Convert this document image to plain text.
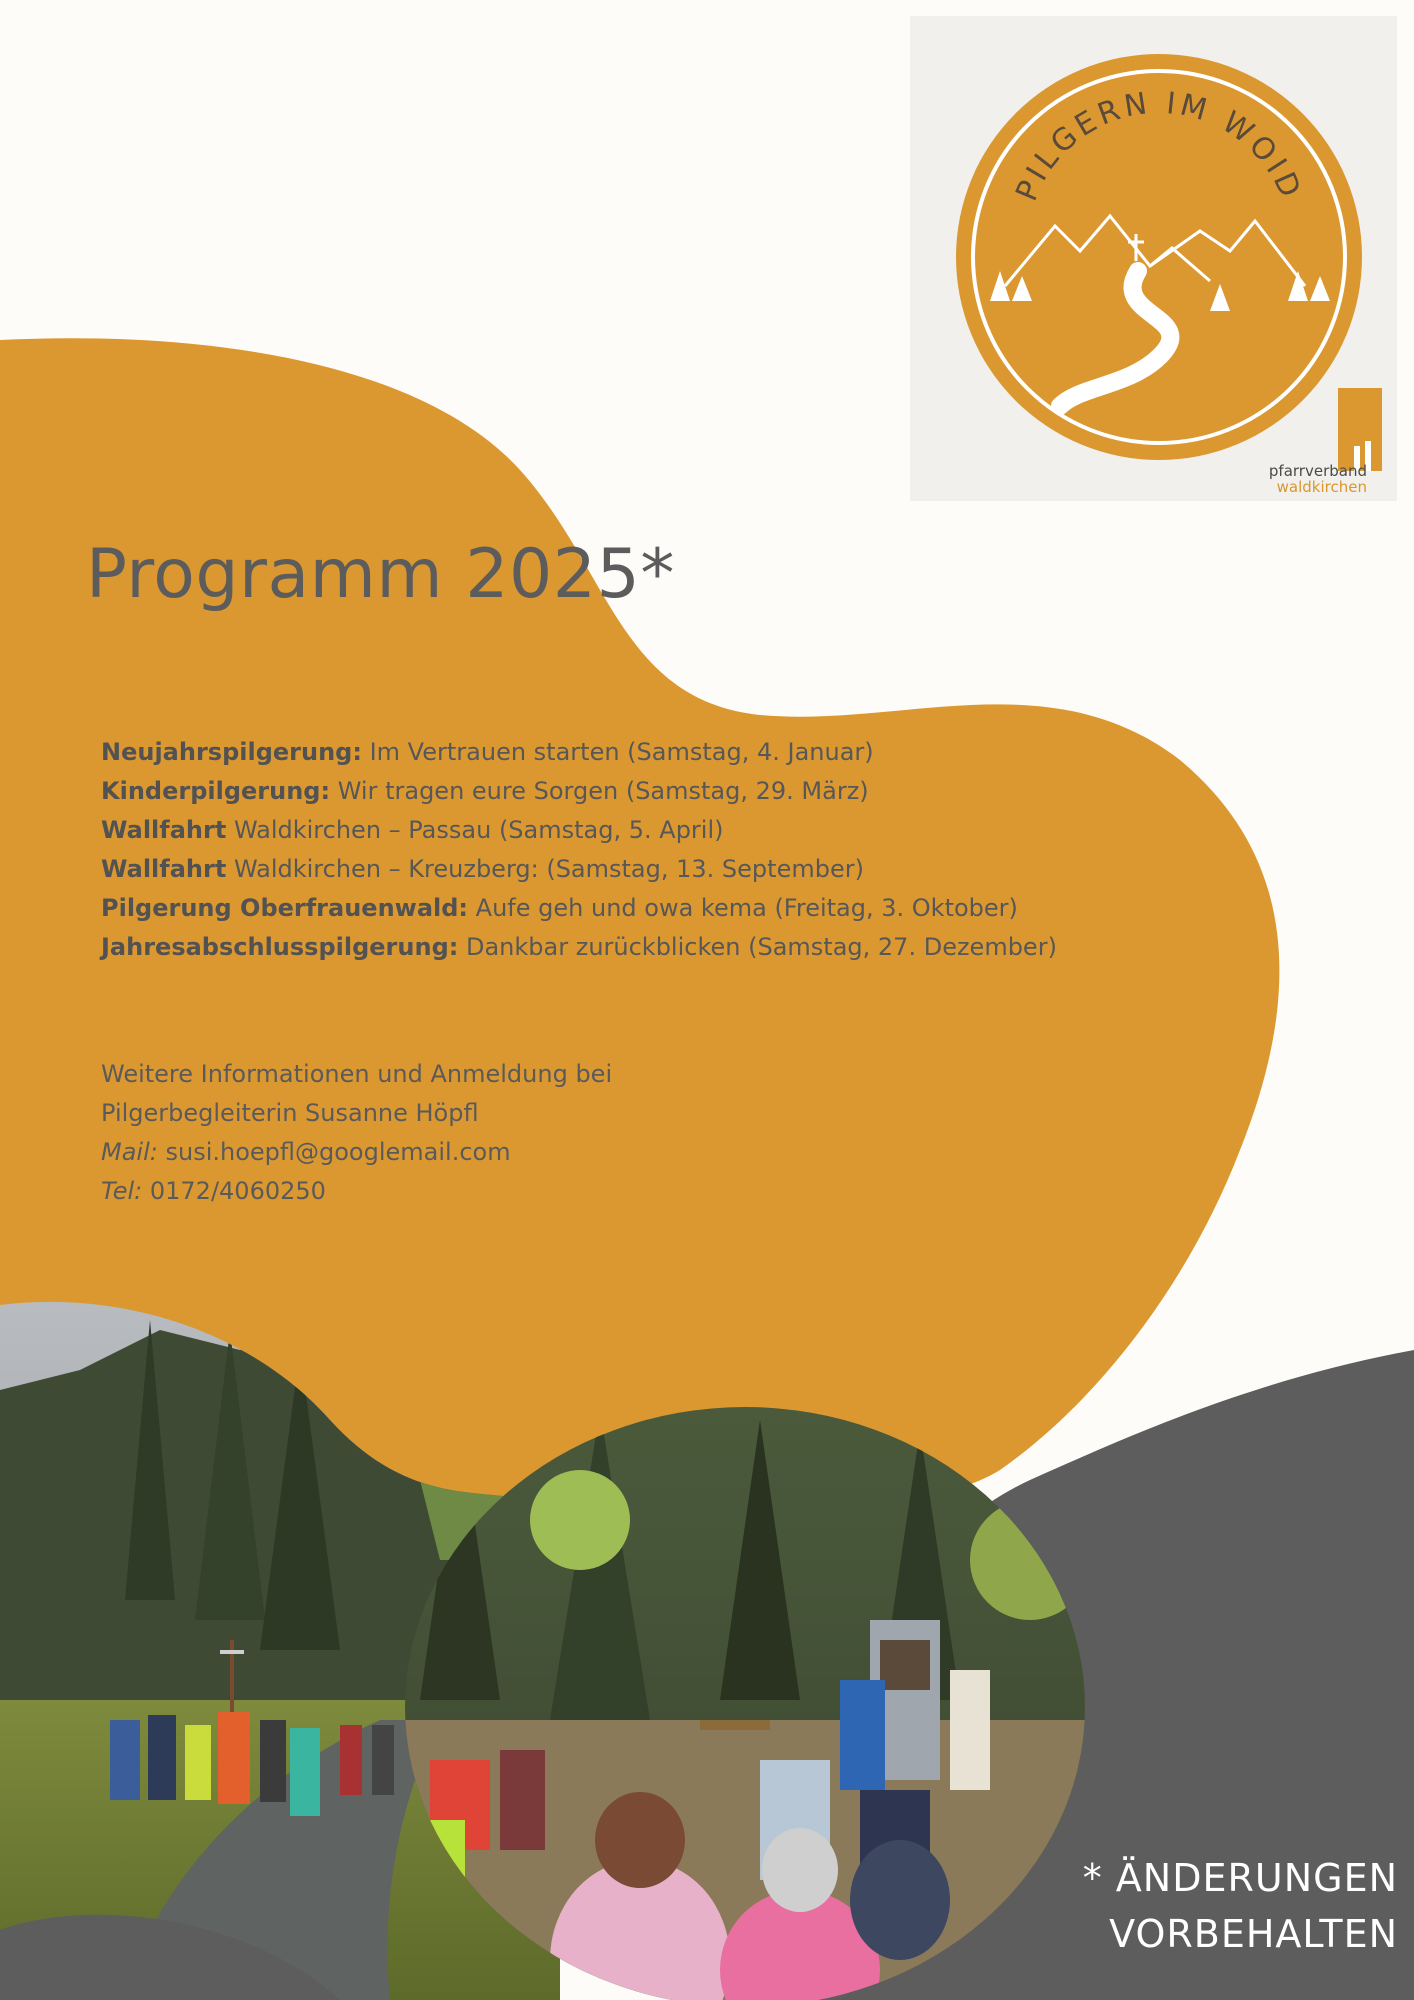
PILGERN IM WOID
pfarrverband
waldkirchen
Programm 2025*
Neujahrspilgerung: Im Vertrauen starten (Samstag, 4. Januar)
Kinderpilgerung: Wir tragen eure Sorgen (Samstag, 29. März)
Wallfahrt Waldkirchen – Passau (Samstag, 5. April)
Wallfahrt Waldkirchen – Kreuzberg: (Samstag, 13. September)
Pilgerung Oberfrauenwald: Aufe geh und owa kema (Freitag, 3. Oktober)
Jahresabschlusspilgerung: Dankbar zurückblicken (Samstag, 27. Dezember)
Weitere Informationen und Anmeldung bei
Pilgerbegleiterin Susanne Höpfl
Mail: susi.hoepfl@googlemail.com
Tel: 0172/4060250
* ÄNDERUNGEN
VORBEHALTEN
